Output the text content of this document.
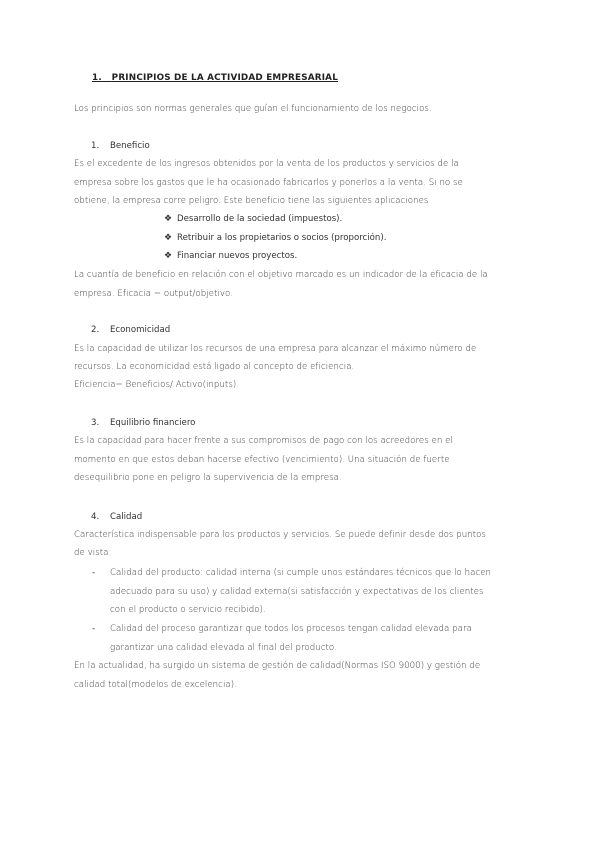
1. PRINCIPIOS DE LA ACTIVIDAD EMPRESARIAL
Los principios son normas generales que guían el funcionamiento de los negocios.
1. Beneficio
Es el excedente de los ingresos obtenidos por la venta de los productos y servicios de la
empresa sobre los gastos que le ha ocasionado fabricarlos y ponerlos a la venta. Si no se
obtiene, la empresa corre peligro. Este beneficio tiene las siguientes aplicaciones
❖ Desarrollo de la sociedad (impuestos).
❖ Retribuir a los propietarios o socios (proporción).
❖ Financiar nuevos proyectos.
La cuantía de beneficio en relación con el objetivo marcado es un indicador de la eficacia de la
empresa. Eficacia = output/objetivo.
2. Economicidad
Es la capacidad de utilizar los recursos de una empresa para alcanzar el máximo número de
recursos. La economicidad está ligado al concepto de eficiencia.
Eficiencia= Beneficios/ Activo(inputs).
3. Equilibrio financiero
Es la capacidad para hacer frente a sus compromisos de pago con los acreedores en el
momento en que estos deban hacerse efectivo (vencimiento). Una situación de fuerte
desequilibrio pone en peligro la supervivencia de la empresa.
4. Calidad
Característica indispensable para los productos y servicios. Se puede definir desde dos puntos
de vista:
- Calidad del producto: calidad interna (si cumple unos estándares técnicos que lo hacen
adecuado para su uso) y calidad externa(si satisfacción y expectativas de los clientes
con el producto o servicio recibido).
- Calidad del proceso garantizar que todos los procesos tengan calidad elevada para
garantizar una calidad elevada al final del producto.
En la actualidad, ha surgido un sistema de gestión de calidad(Normas ISO 9000) y gestión de
calidad total(modelos de excelencia).
